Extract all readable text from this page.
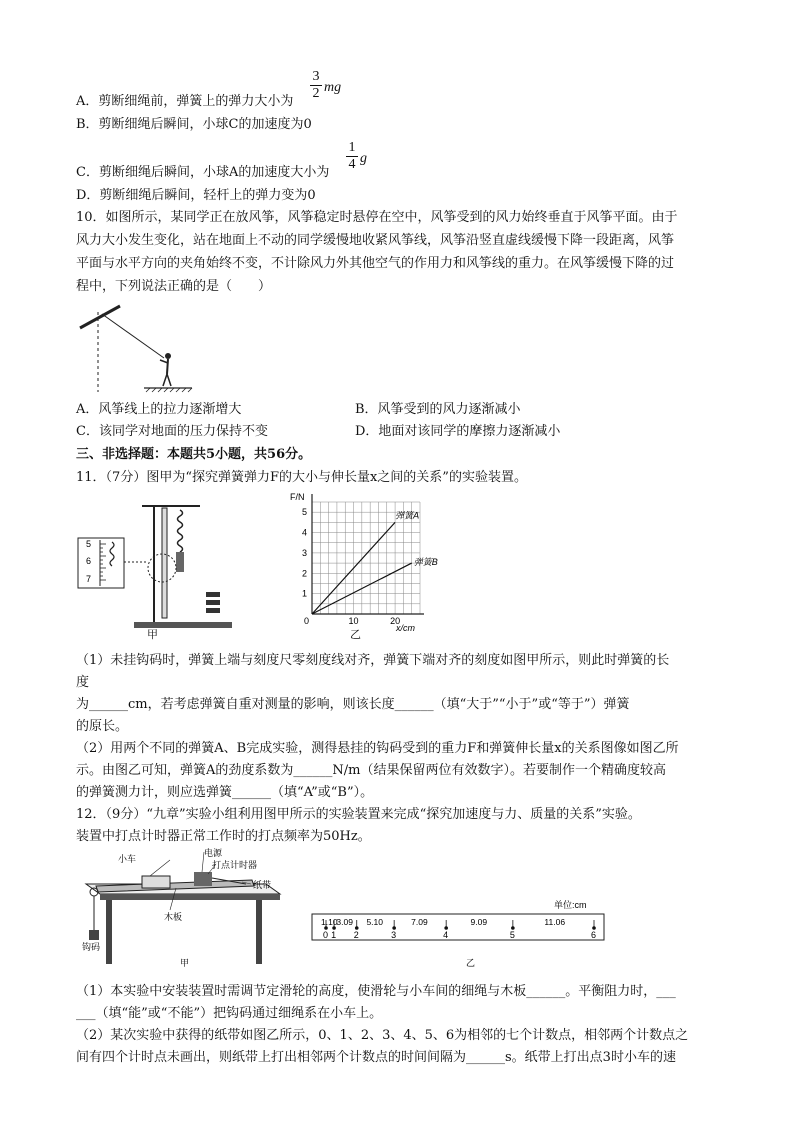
A．剪断细绳前，弹簧上的弹力大小为
3
2 mg
B．剪断细绳后瞬间，小球C的加速度为0
C．剪断细绳后瞬间，小球A的加速度大小为
1
4 g
D．剪断细绳后瞬间，轻杆上的弹力变为0
10．如图所示，某同学正在放风筝，风筝稳定时悬停在空中，风筝受到的风力始终垂直于风筝平面。由于
风力大小发生变化，站在地面上不动的同学缓慢地收紧风筝线，风筝沿竖直虚线缓慢下降一段距离，风筝
平面与水平方向的夹角始终不变，不计除风力外其他空气的作用力和风筝线的重力。在风筝缓慢下降的过
程中，下列说法正确的是（　　）
A．风筝线上的拉力逐渐增大	B．风筝受到的风力逐渐减小
C．该同学对地面的压力保持不变	D．地面对该同学的摩擦力逐渐减小
三、非选择题：本题共5小题，共56分。
11．（7分）图甲为“探究弹簧弹力F的大小与伸长量x之间的关系”的实验装置。
5
6
7
甲
弹簧A
弹簧B
F/N
x/cm
0
1
2
3
4
5
10	20
乙
（1）未挂钩码时，弹簧上端与刻度尺零刻度线对齐，弹簧下端对齐的刻度如图甲所示，则此时弹簧的长
度
为______cm，若考虑弹簧自重对测量的影响，则该长度______（填“大于”“小于”或“等于”）弹簧
的原长。
（2）用两个不同的弹簧A、B完成实验，测得悬挂的钩码受到的重力F和弹簧伸长量x的关系图像如图乙所
示。由图乙可知，弹簧A的劲度系数为______N/m（结果保留两位有效数字）。若要制作一个精确度较高
的弹簧测力计，则应选弹簧______（填“A”或“B”）。
12．（9分）“九章”实验小组利用图甲所示的实验装置来完成“探究加速度与力、质量的关系”实验。
装置中打点计时器正常工作时的打点频率为50Hz。
小车
电源
打点计时器
纸带
木板
钩码
甲
单位:cm
0 1 2	3	4	5	6
1.10
3.09 5.10	7.09	9.09	11.06
乙
（1）本实验中安装装置时需调节定滑轮的高度，使滑轮与小车间的细绳与木板______。平衡阻力时，___
___（填“能”或“不能”）把钩码通过细绳系在小车上。
（2）某次实验中获得的纸带如图乙所示，0、1、2、3、4、5、6为相邻的七个计数点，相邻两个计数点之
间有四个计时点未画出，则纸带上打出相邻两个计数点的时间间隔为______s。纸带上打出点3时小车的速
